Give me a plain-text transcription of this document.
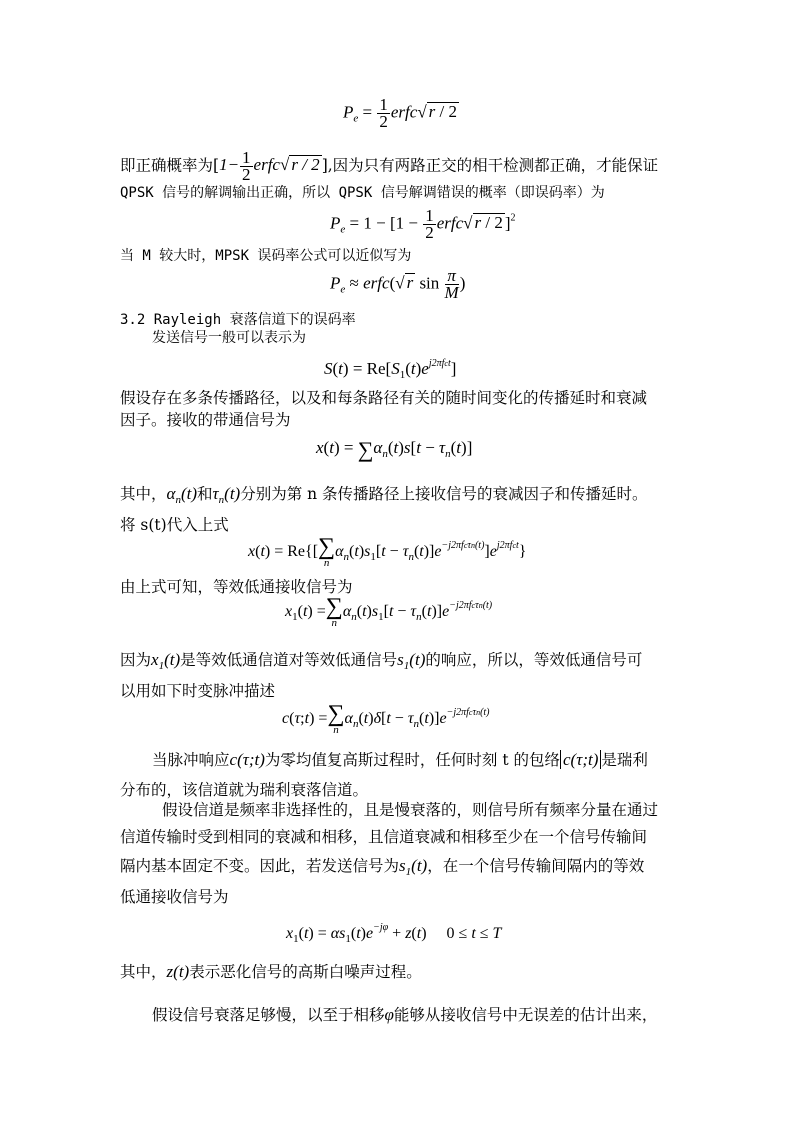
$P_e = \frac{1}{2}$ erfc√ r / 2
即正确概率为[$1- \frac{1}{2}$ erfc√ r / 2 ],因为只有两路正交的相干检测都正确，才能保证
QPSK 信号的解调输出正确，所以 QPSK 信号解调错误的概率（即误码率）为
$P_e = 1 - [1 - \frac{1}{2}$ erfc√ r / 2 ]$^2$
当 M 较大时，MPSK 误码率公式可以近似写为
$P_e$ ≈ erfc(√ r $\sin \frac{\pi}{M}$ )
3.2 Rayleigh 衰落信道下的误码率
发送信号一般可以表示为
$S(t) = Re[S_1(t)e^{j2\pi fct}]$
假设存在多条传播路径，以及和每条路径有关的随时间变化的传播延时和衰减
因子。接收的带通信号为
$x(t) = \sum\alpha_n(t)s[t - \tau_n(t)]$
其中，$\alpha_n(t)$和$\tau_n(t)$分别为第 n 条传播路径上接收信号的衰减因子和传播延时。
将 s(t)代入上式
x(t) = Re{[ ∑
n
$\alpha_n(t)s_1[t - \tau_n(t)]e^{-j2\pi fc\tau n(t)}]e^{j2\pi fct}$}
由上式可知，等效低通接收信号为
$x_1(t)$ = ∑
n
$\alpha_n(t)s_1[t - \tau_n(t)]e^{-j2\pi fc\tau n(t)}$
因为$x_1(t)$是等效低通信道对等效低通信号$s_1(t)$的响应，所以，等效低通信号可
以用如下时变脉冲描述
c(τ;t) = ∑
n
$\alpha_n(t)\delta[t - \tau_n(t)]e^{-j2\pi fc\tau n(t)}$
当脉冲响应c(τ;t)为零均值复高斯过程时，任何时刻 t 的包络 c(τ;t) 是瑞利
分布的，该信道就为瑞利衰落信道。
假设信道是频率非选择性的，且是慢衰落的，则信号所有频率分量在通过
信道传输时受到相同的衰减和相移，且信道衰减和相移至少在一个信号传输间
隔内基本固定不变。因此，若发送信号为$s_1(t)$，在一个信号传输间隔内的等效
低通接收信号为
$x_1(t) = \alpha s_1(t)e^{-j\varphi} + z(t) 0 \le t \le T$
其中，z(t)表示恶化信号的高斯白噪声过程。
假设信号衰落足够慢，以至于相移φ能够从接收信号中无误差的估计出来，
